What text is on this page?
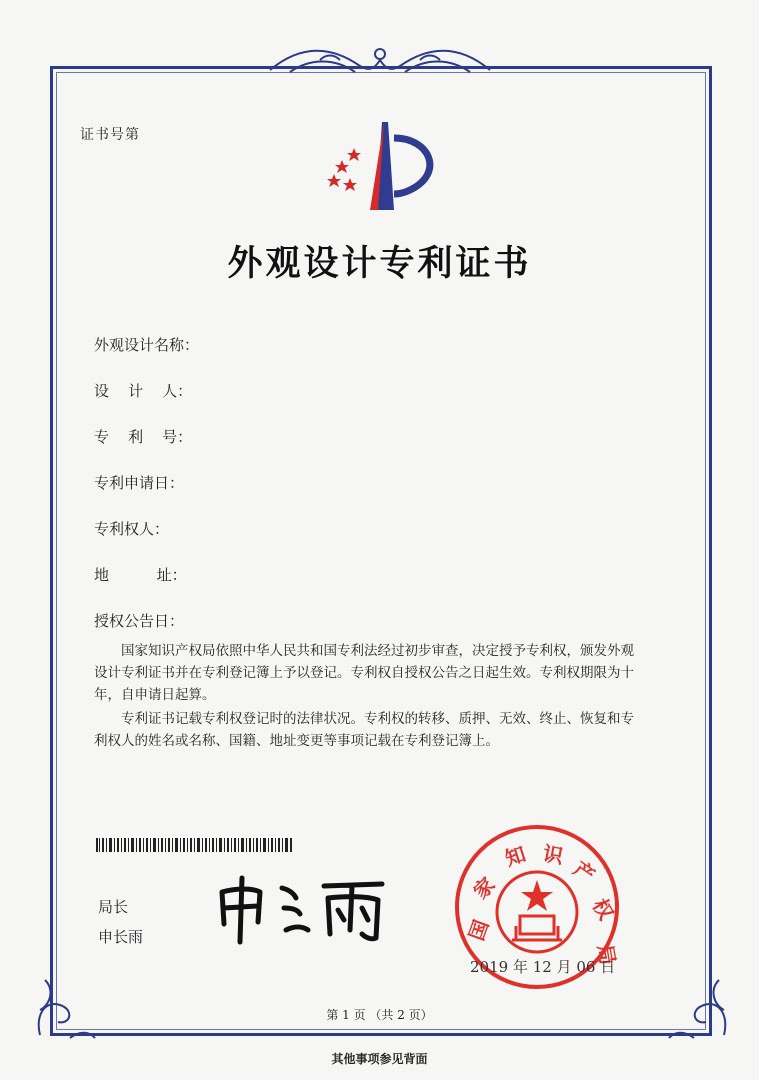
证书号第
外观设计专利证书
外观设计名称：
设    计    人：
专    利    号：
专利申请日：
专利权人：
地          址：
授权公告日：
　　国家知识产权局依照中华人民共和国专利法经过初步审查，决定授予专利权，颁发外观
设计专利证书并在专利登记簿上予以登记。专利权自授权公告之日起生效。专利权期限为十
年，自申请日起算。
　　专利证书记载专利权登记时的法律状况。专利权的转移、质押、无效、终止、恢复和专
利权人的姓名或名称、国籍、地址变更等事项记载在专利登记簿上。
局长
申长雨	国
家
知 识
产
权
局
2019 年 12 月 06 日
第 1 页 （共 2 页）
其他事项参见背面
